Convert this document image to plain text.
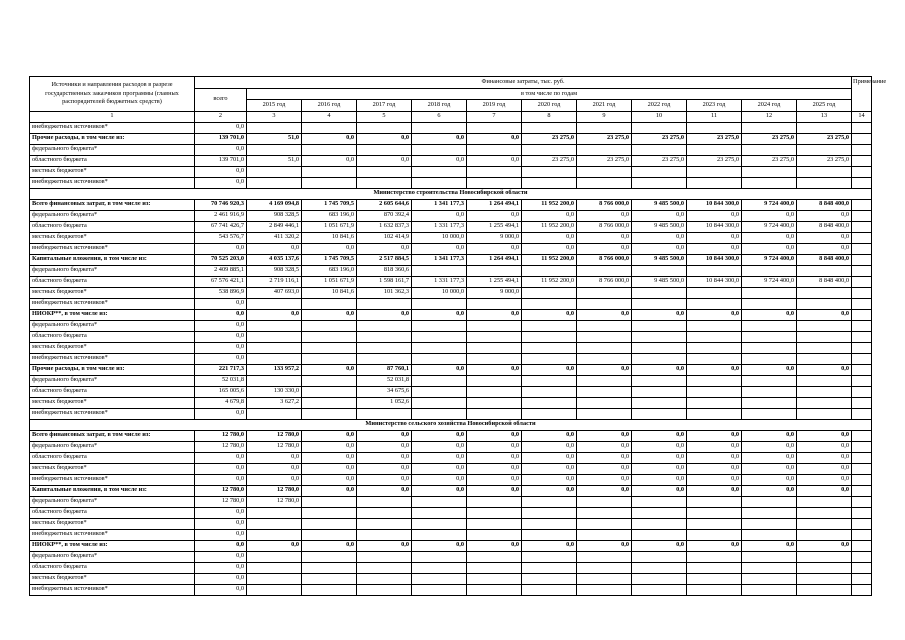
Источники и направления расходов в разрезе государственных заказчиков программы (главных распорядителей бюджетных средств)	Финансовые затраты, тыс. руб.												Примечание
	всего	в том числе по годам											
		2015 год	2016 год	2017 год	2018 год	2019 год	2020 год	2021 год	2022 год	2023 год	2024 год	2025 год	
1	2	3	4	5	6	7	8	9	10	11	12	13	14
внебюджетных источников*	0,0												
Прочие расходы, в том числе из:	139 701,0	51,0	0,0	0,0	0,0	0,0	23 275,0	23 275,0	23 275,0	23 275,0	23 275,0	23 275,0	
федерального бюджета*	0,0												
областного бюджета	139 701,0	51,0	0,0	0,0	0,0	0,0	23 275,0	23 275,0	23 275,0	23 275,0	23 275,0	23 275,0	
местных бюджетов*	0,0												
внебюджетных источников*	0,0												
Министерство строительства Новосибирской области													
Всего финансовых затрат, в том числе из:	70 746 920,3	4 169 094,8	1 745 709,5	2 605 644,6	1 341 177,3	1 264 494,1	11 952 200,0	8 766 000,0	9 485 500,0	10 844 300,0	9 724 400,0	8 848 400,0	
федерального бюджета*	2 461 916,9	908 328,5	683 196,0	870 392,4	0,0	0,0	0,0	0,0	0,0	0,0	0,0	0,0	
областного бюджета	67 741 426,7	2 849 446,1	1 051 671,9	1 632 837,3	1 331 177,3	1 255 494,1	11 952 200,0	8 766 000,0	9 485 500,0	10 844 300,0	9 724 400,0	8 848 400,0	
местных бюджетов*	543 576,7	411 320,2	10 841,6	102 414,9	10 000,0	9 000,0	0,0	0,0	0,0	0,0	0,0	0,0	
внебюджетных источников*	0,0	0,0	0,0	0,0	0,0	0,0	0,0	0,0	0,0	0,0	0,0	0,0	
Капитальные вложения, в том числе из:	70 525 203,0	4 035 137,6	1 745 709,5	2 517 884,5	1 341 177,3	1 264 494,1	11 952 200,0	8 766 000,0	9 485 500,0	10 844 300,0	9 724 400,0	8 848 400,0	
федерального бюджета*	2 409 885,1	908 328,5	683 196,0	818 360,6									
областного бюджета	67 576 421,1	2 719 116,1	1 051 671,9	1 598 161,7	1 331 177,3	1 255 494,1	11 952 200,0	8 766 000,0	9 485 500,0	10 844 300,0	9 724 400,0	8 848 400,0	
местных бюджетов*	538 896,9	407 693,0	10 841,6	101 362,3	10 000,0	9 000,0							
внебюджетных источников*	0,0												
НИОКР**, в том числе из:	0,0	0,0	0,0	0,0	0,0	0,0	0,0	0,0	0,0	0,0	0,0	0,0	
федерального бюджета*	0,0												
областного бюджета	0,0												
местных бюджетов*	0,0												
внебюджетных источников*	0,0												
Прочие расходы, в том числе из:	221 717,3	133 957,2	0,0	87 760,1	0,0	0,0	0,0	0,0	0,0	0,0	0,0	0,0	
федерального бюджета*	52 031,8			52 031,8									
областного бюджета	165 005,6	130 330,0		34 675,6									
местных бюджетов*	4 679,8	3 627,2		1 052,6									
внебюджетных источников*	0,0												
Министерство сельского хозяйства Новосибирской области													
Всего финансовых затрат, в том числе из:	12 780,0	12 780,0	0,0	0,0	0,0	0,0	0,0	0,0	0,0	0,0	0,0	0,0	
федерального бюджета*	12 780,0	12 780,0	0,0	0,0	0,0	0,0	0,0	0,0	0,0	0,0	0,0	0,0	
областного бюджета	0,0	0,0	0,0	0,0	0,0	0,0	0,0	0,0	0,0	0,0	0,0	0,0	
местных бюджетов*	0,0	0,0	0,0	0,0	0,0	0,0	0,0	0,0	0,0	0,0	0,0	0,0	
внебюджетных источников*	0,0	0,0	0,0	0,0	0,0	0,0	0,0	0,0	0,0	0,0	0,0	0,0	
Капитальные вложения, в том числе из:	12 780,0	12 780,0	0,0	0,0	0,0	0,0	0,0	0,0	0,0	0,0	0,0	0,0	
федерального бюджета*	12 780,0	12 780,0											
областного бюджета	0,0												
местных бюджетов*	0,0												
внебюджетных источников*	0,0												
НИОКР**, в том числе из:	0,0	0,0	0,0	0,0	0,0	0,0	0,0	0,0	0,0	0,0	0,0	0,0	
федерального бюджета*	0,0												
областного бюджета	0,0												
местных бюджетов*	0,0												
внебюджетных источников*	0,0												
